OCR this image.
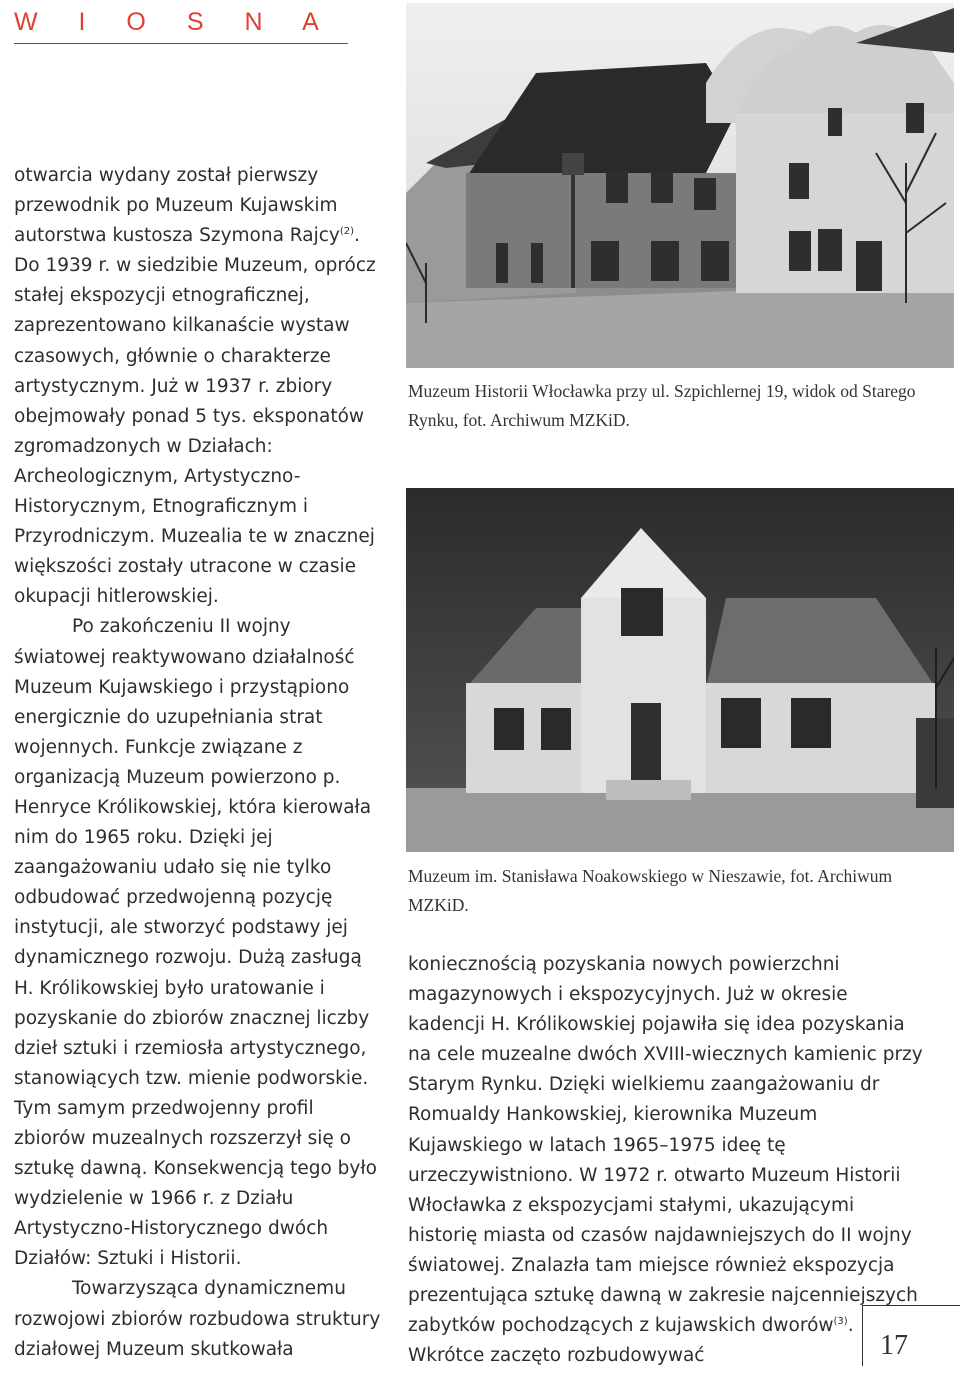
W I O S N A

otwarcia wydany został pierwszy przewodnik po Muzeum Kujawskim autorstwa kustosza Szymona Rajcy$^{(2)}$. Do 1939 r. w siedzibie Muzeum, oprócz stałej ekspozycji etnograficznej, zaprezentowano kilkanaście wystaw czasowych, głównie o charakterze artystycznym. Już w 1937 r. zbiory obejmowały ponad 5 tys. eksponatów zgromadzonych w Działach: Archeologicznym, Artystyczno-Historycznym, Etnograficznym i Przyrodniczym. Muzealia te w znacznej większości zostały utracone w czasie okupacji hitlerowskiej.

Po zakończeniu II wojny światowej reaktywowano działalność Muzeum Kujawskiego i przystąpiono energicznie do uzupełniania strat wojennych. Funkcje związane z organizacją Muzeum powierzono p. Henryce Królikowskiej, która kierowała nim do 1965 roku. Dzięki jej zaangażowaniu udało się nie tylko odbudować przedwojenną pozycję instytucji, ale stworzyć podstawy jej dynamicznego rozwoju. Dużą zasługą H. Królikowskiej było uratowanie i pozyskanie do zbiorów znacznej liczby dzieł sztuki i rzemiosła artystycznego, stanowiących tzw. mienie podworskie. Tym samym przedwojenny profil zbiorów muzealnych rozszerzył się o sztukę dawną. Konsekwencją tego było wydzielenie w 1966 r. z Działu Artystyczno-Historycznego dwóch Działów: Sztuki i Historii.

Towarzysząca dynamicznemu rozwojowi zbiorów rozbudowa struktury działowej Muzeum skutkowała

Muzeum Historii Włocławka przy ul. Szpichlernej 19, widok od Starego Rynku, fot. Archiwum MZKiD.
Muzeum im. Stanisława Noakowskiego w Nieszawie, fot. Archiwum MZKiD.

koniecznością pozyskania nowych powierzchni magazynowych i ekspozycyjnych. Już w okresie kadencji H. Królikowskiej pojawiła się idea pozyskania na cele muzealne dwóch XVIII-wiecznych kamienic przy Starym Rynku. Dzięki wielkiemu zaangażowaniu dr Romualdy Hankowskiej, kierownika Muzeum Kujawskiego w latach 1965–1975 ideę tę urzeczywistniono. W 1972 r. otwarto Muzeum Historii Włocławka z ekspozycjami stałymi, ukazującymi historię miasta od czasów najdawniejszych do II wojny światowej. Znalazła tam miejsce również ekspozycja prezentująca sztukę dawną w zakresie najcenniejszych zabytków pochodzących z kujawskich dworów$^{(3)}$. Wkrótce zaczęto rozbudowywać	17
